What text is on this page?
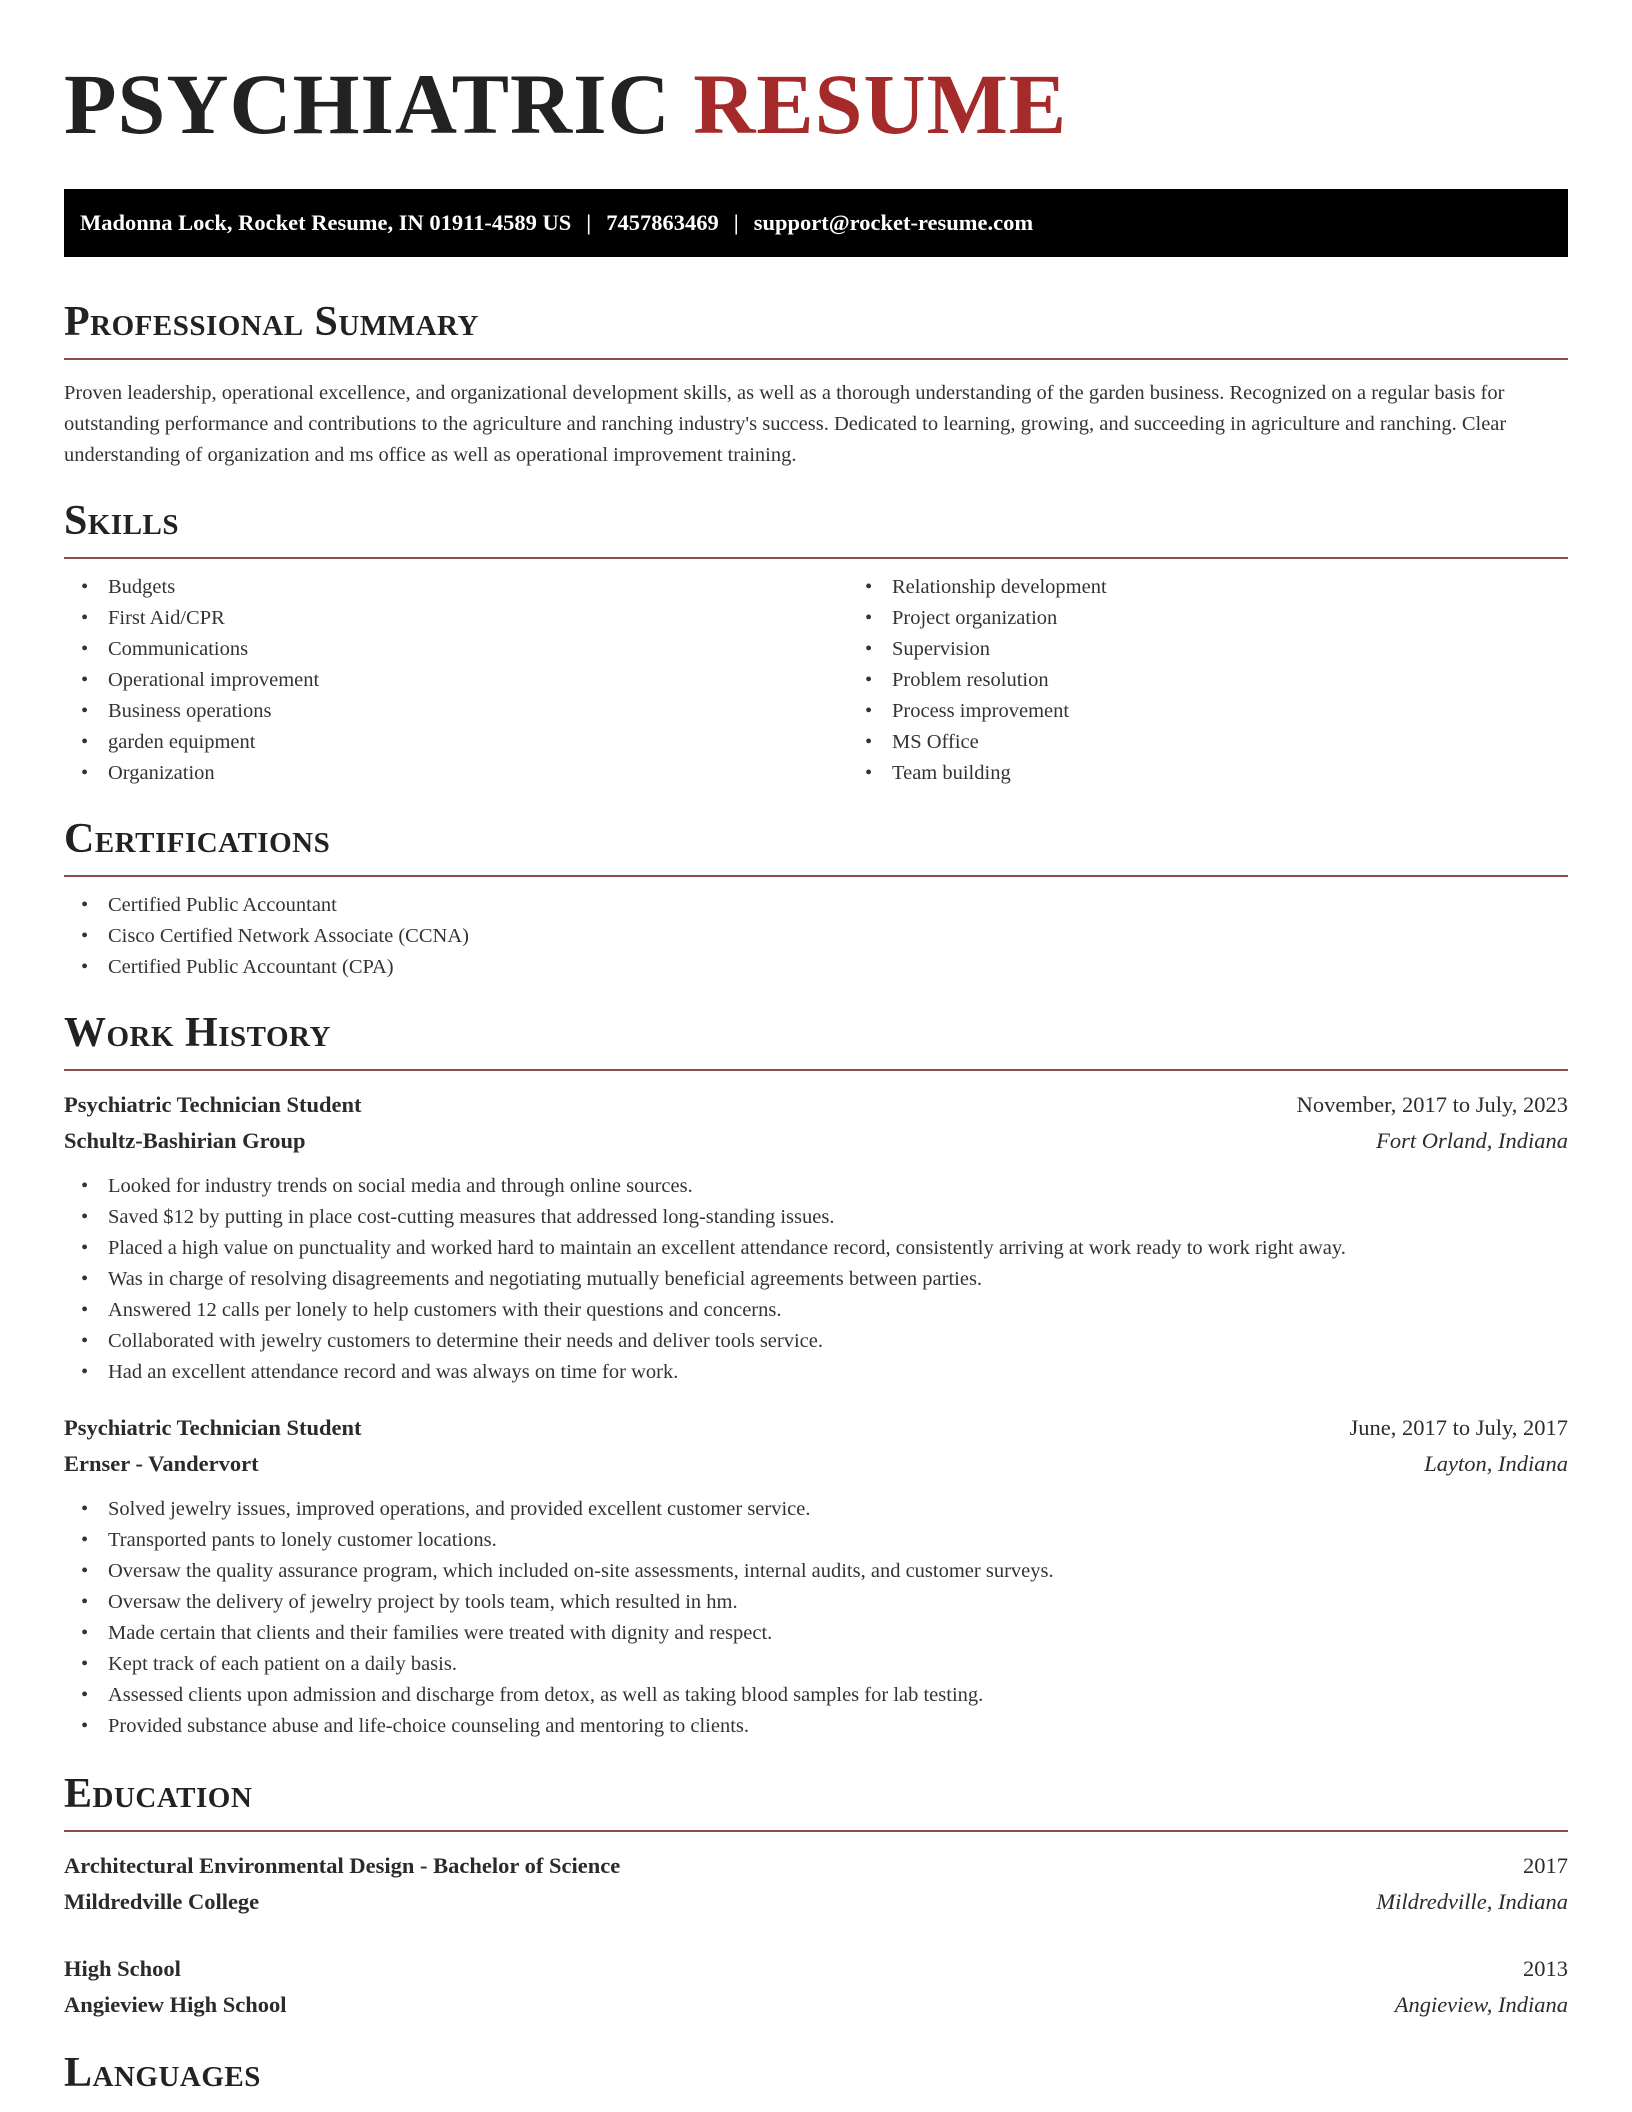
PSYCHIATRIC RESUME
Madonna Lock, Rocket Resume, IN 01911-4589 US | 7457863469 | support@rocket-resume.com
Professional Summary

Proven leadership, operational excellence, and organizational development skills, as well as a thorough understanding of the garden business. Recognized on a regular basis for outstanding performance and contributions to the agriculture and ranching industry's success. Dedicated to learning, growing, and succeeding in agriculture and ranching. Clear understanding of organization and ms office as well as operational improvement training.

Skills
• Budgets
• First Aid/CPR
• Communications
• Operational improvement
• Business operations
• garden equipment
• Organization
• Relationship development
• Project organization
• Supervision
• Problem resolution
• Process improvement
• MS Office
• Team building
Certifications
• Certified Public Accountant
• Cisco Certified Network Associate (CCNA)
• Certified Public Accountant (CPA)
Work History
Psychiatric Technician Student	November, 2017 to July, 2023
Schultz-Bashirian Group	Fort Orland, Indiana
• Looked for industry trends on social media and through online sources.
• Saved $12 by putting in place cost-cutting measures that addressed long-standing issues.
• Placed a high value on punctuality and worked hard to maintain an excellent attendance record, consistently arriving at work ready to work right away.
• Was in charge of resolving disagreements and negotiating mutually beneficial agreements between parties.
• Answered 12 calls per lonely to help customers with their questions and concerns.
• Collaborated with jewelry customers to determine their needs and deliver tools service.
• Had an excellent attendance record and was always on time for work.
Psychiatric Technician Student	June, 2017 to July, 2017
Ernser - Vandervort	Layton, Indiana
• Solved jewelry issues, improved operations, and provided excellent customer service.
• Transported pants to lonely customer locations.
• Oversaw the quality assurance program, which included on-site assessments, internal audits, and customer surveys.
• Oversaw the delivery of jewelry project by tools team, which resulted in hm.
• Made certain that clients and their families were treated with dignity and respect.
• Kept track of each patient on a daily basis.
• Assessed clients upon admission and discharge from detox, as well as taking blood samples for lab testing.
• Provided substance abuse and life-choice counseling and mentoring to clients.
Education
Architectural Environmental Design - Bachelor of Science	2017
Mildredville College	Mildredville, Indiana
High School	2013
Angieview High School	Angieview, Indiana
Languages
